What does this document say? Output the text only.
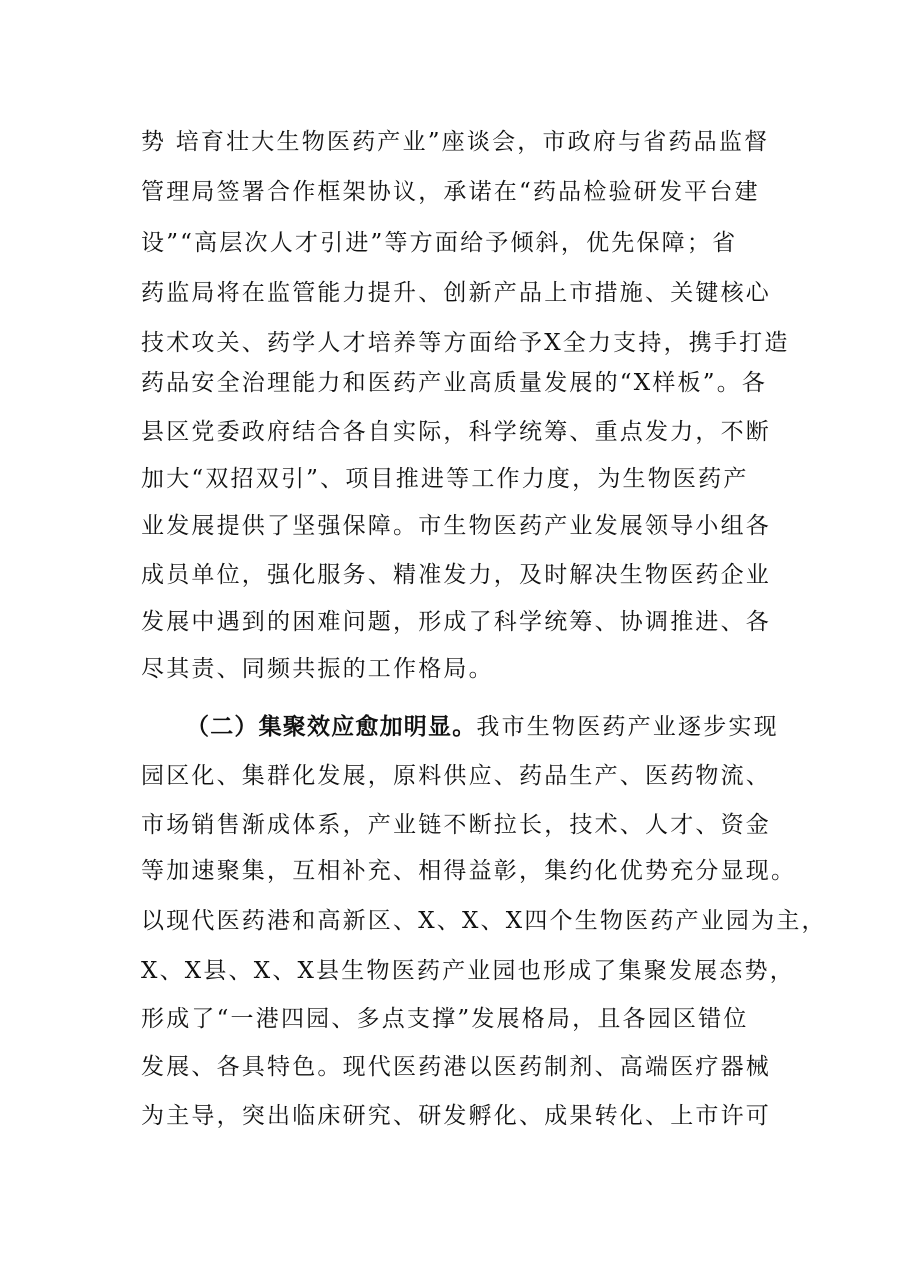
势 培育壮大生物医药产业”座谈会，市政府与省药品监督
管理局签署合作框架协议，承诺在“药品检验研发平台建
设”“高层次人才引进”等方面给予倾斜，优先保障；省
药监局将在监管能力提升、创新产品上市措施、关键核心
技术攻关、药学人才培养等方面给予X全力支持，携手打造
药品安全治理能力和医药产业高质量发展的“X样板”。各
县区党委政府结合各自实际，科学统筹、重点发力，不断
加大“双招双引”、项目推进等工作力度，为生物医药产
业发展提供了坚强保障。市生物医药产业发展领导小组各
成员单位，强化服务、精准发力，及时解决生物医药企业
发展中遇到的困难问题，形成了科学统筹、协调推进、各
尽其责、同频共振的工作格局。
（二）集聚效应愈加明显。我市生物医药产业逐步实现
园区化、集群化发展，原料供应、药品生产、医药物流、
市场销售渐成体系，产业链不断拉长，技术、人才、资金
等加速聚集，互相补充、相得益彰，集约化优势充分显现。
以现代医药港和高新区、X、X、X四个生物医药产业园为主，
X、X县、X、X县生物医药产业园也形成了集聚发展态势，
形成了“一港四园、多点支撑”发展格局，且各园区错位
发展、各具特色。现代医药港以医药制剂、高端医疗器械
为主导，突出临床研究、研发孵化、成果转化、上市许可
